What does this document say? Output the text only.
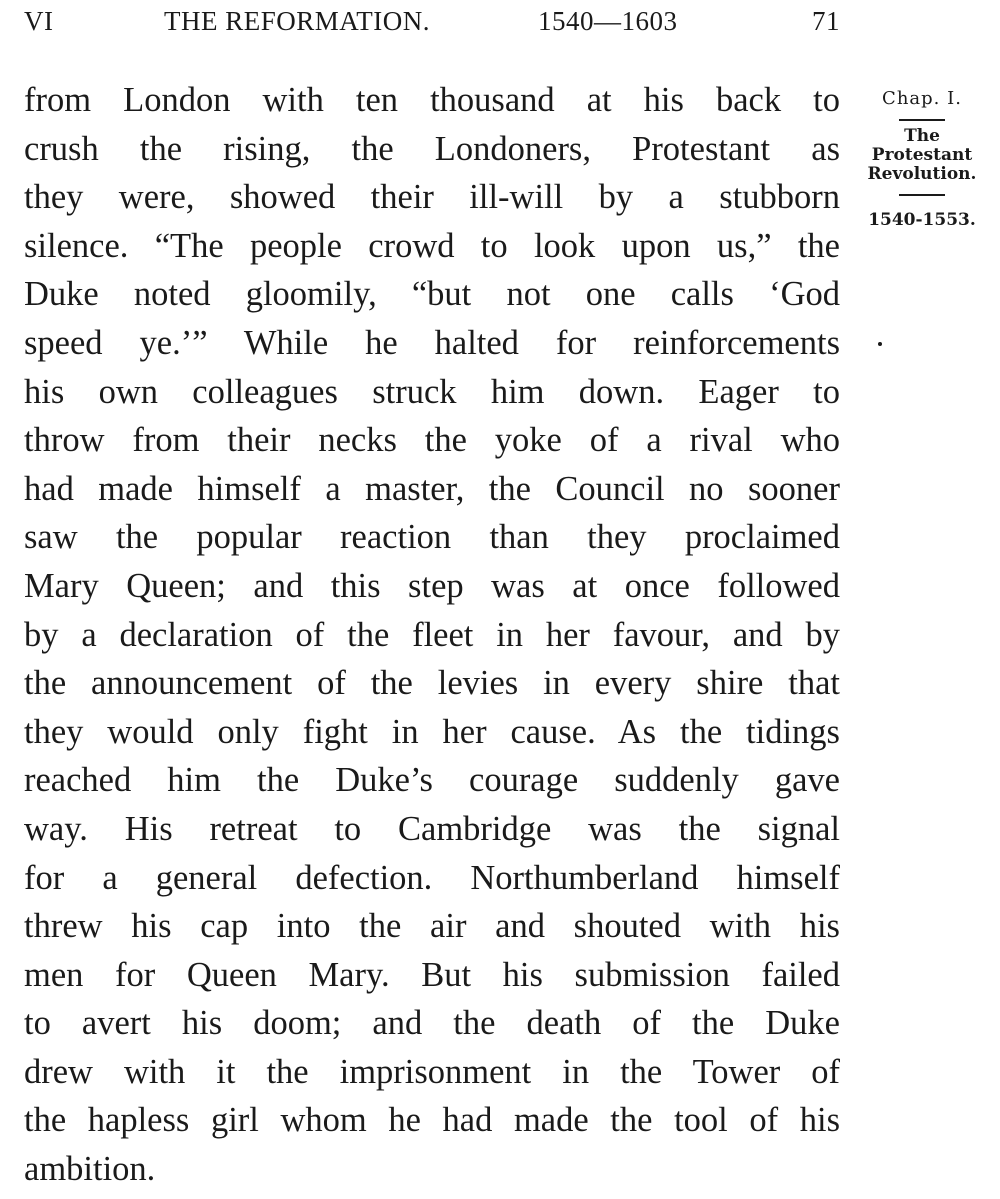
VI	THE REFORMATION.	1540—1603	71
from London with ten thousand at his back to
crush the rising, the Londoners, Protestant as
they were, showed their ill-will by a stubborn
silence. “The people crowd to look upon us,” the
Duke noted gloomily, “but not one calls ‘God
speed ye.’” While he halted for reinforcements
his own colleagues struck him down. Eager to
throw from their necks the yoke of a rival who
had made himself a master, the Council no sooner
saw the popular reaction than they proclaimed
Mary Queen; and this step was at once followed
by a declaration of the fleet in her favour, and by
the announcement of the levies in every shire that
they would only fight in her cause. As the tidings
reached him the Duke’s courage suddenly gave
way. His retreat to Cambridge was the signal
for a general defection. Northumberland himself
threw his cap into the air and shouted with his
men for Queen Mary. But his submission failed
to avert his doom; and the death of the Duke
drew with it the imprisonment in the Tower of
the hapless girl whom he had made the tool of his
ambition.
Chap. I.
The
Protestant
Revolution.
1540-1553.
